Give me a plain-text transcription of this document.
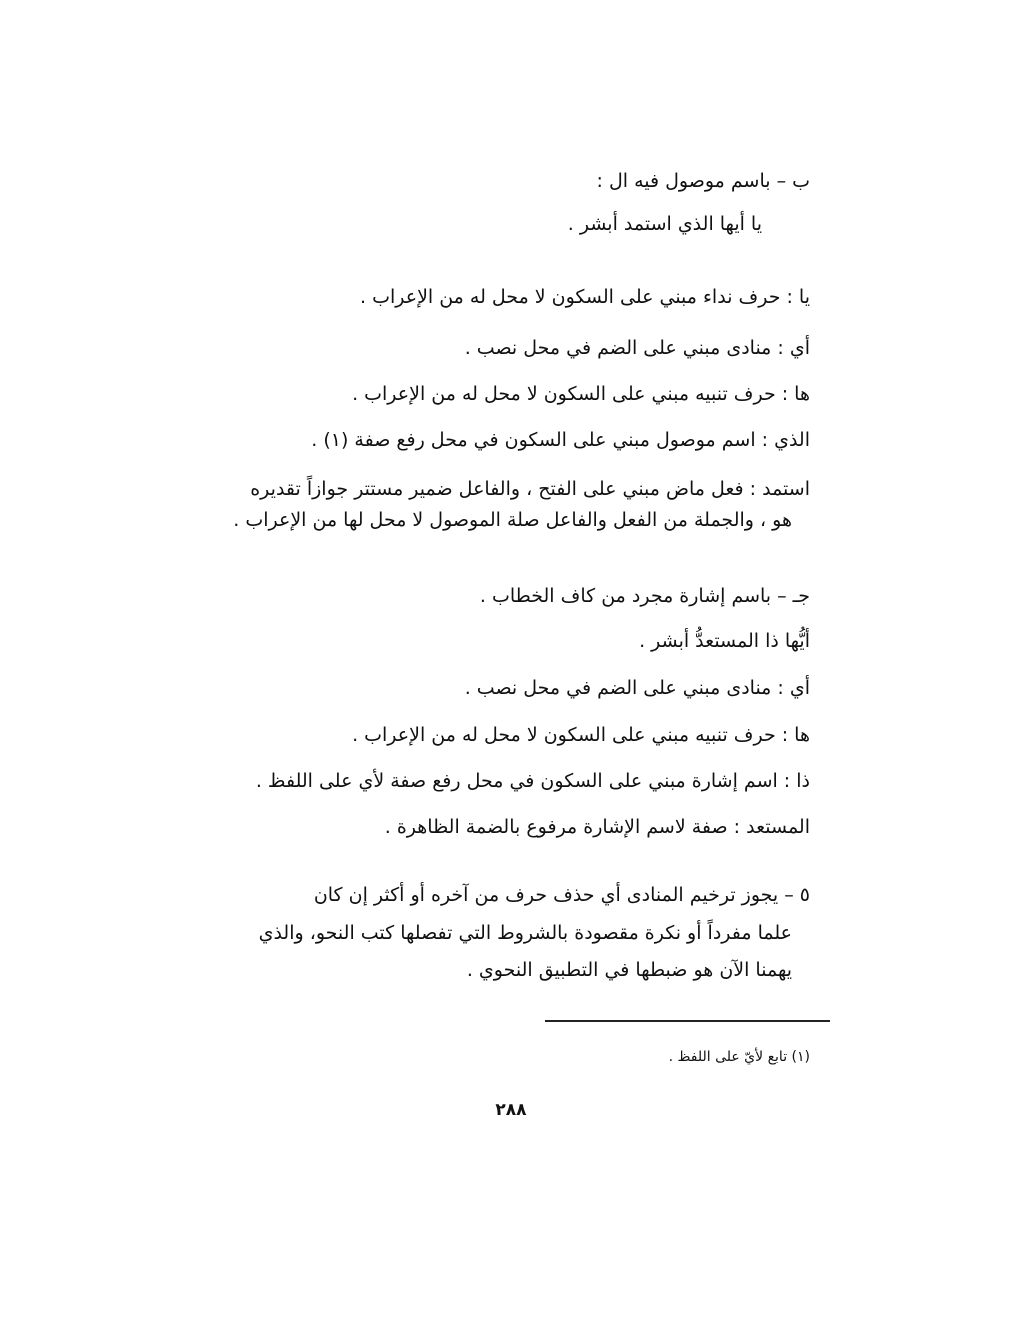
ب – باسم موصول فيه ال :
يا أيها الذي استمد أبشر .
يا : حرف نداء مبني على السكون لا محل له من الإعراب .
أي : منادى مبني على الضم في محل نصب .
ها : حرف تنبيه مبني على السكون لا محل له من الإعراب .
الذي : اسم موصول مبني على السكون في محل رفع صفة (١) .
استمد : فعل ماض مبني على الفتح ، والفاعل ضمير مستتر جوازاً تقديره
هو ، والجملة من الفعل والفاعل صلة الموصول لا محل لها من الإعراب .
جـ – باسم إشارة مجرد من كاف الخطاب .
أيُّها ذا المستعدُّ أبشر .
أي : منادى مبني على الضم في محل نصب .
ها : حرف تنبيه مبني على السكون لا محل له من الإعراب .
ذا : اسم إشارة مبني على السكون في محل رفع صفة لأي على اللفظ .
المستعد : صفة لاسم الإشارة مرفوع بالضمة الظاهرة .
٥ – يجوز ترخيم المنادى أي حذف حرف من آخره أو أكثر إن كان
علما مفرداً أو نكرة مقصودة بالشروط التي تفصلها كتب النحو، والذي
يهمنا الآن هو ضبطها في التطبيق النحوي .
(١) تابع لأيّ على اللفظ .
٢٨٨
